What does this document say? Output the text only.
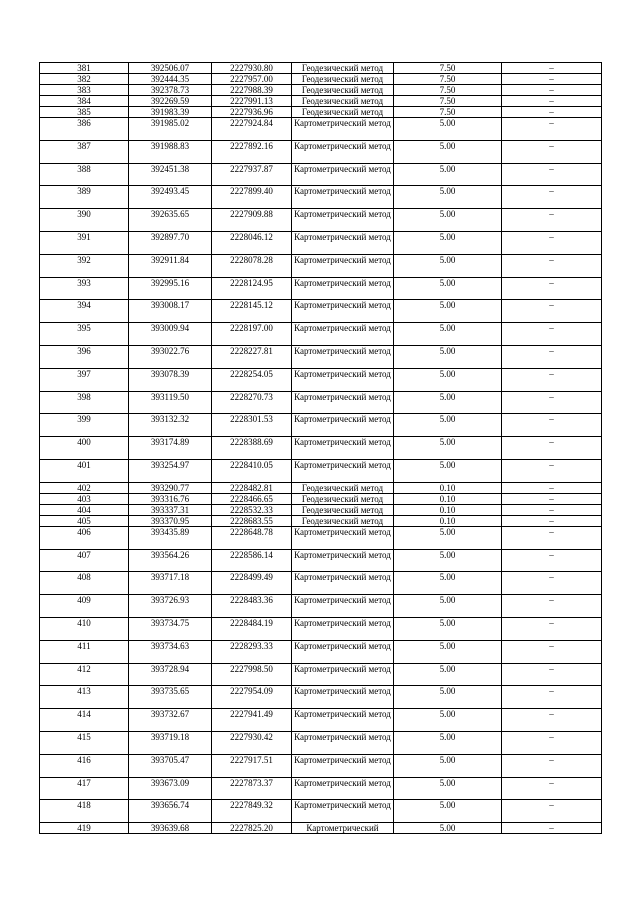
381	392506.07	2227930.80	Геодезический метод	7.50	–
382	392444.35	2227957.00	Геодезический метод	7.50	–
383	392378.73	2227988.39	Геодезический метод	7.50	–
384	392269.59	2227991.13	Геодезический метод	7.50	–
385	391983.39	2227936.96	Геодезический метод	7.50	–
386	391985.02	2227924.84	Картометрический метод	5.00	–
387	391988.83	2227892.16	Картометрический метод	5.00	–
388	392451.38	2227937.87	Картометрический метод	5.00	–
389	392493.45	2227899.40	Картометрический метод	5.00	–
390	392635.65	2227909.88	Картометрический метод	5.00	–
391	392897.70	2228046.12	Картометрический метод	5.00	–
392	392911.84	2228078.28	Картометрический метод	5.00	–
393	392995.16	2228124.95	Картометрический метод	5.00	–
394	393008.17	2228145.12	Картометрический метод	5.00	–
395	393009.94	2228197.00	Картометрический метод	5.00	–
396	393022.76	2228227.81	Картометрический метод	5.00	–
397	393078.39	2228254.05	Картометрический метод	5.00	–
398	393119.50	2228270.73	Картометрический метод	5.00	–
399	393132.32	2228301.53	Картометрический метод	5.00	–
400	393174.89	2228388.69	Картометрический метод	5.00	–
401	393254.97	2228410.05	Картометрический метод	5.00	–
402	393290.77	2228482.81	Геодезический метод	0.10	–
403	393316.76	2228466.65	Геодезический метод	0.10	–
404	393337.31	2228532.33	Геодезический метод	0.10	–
405	393370.95	2228683.55	Геодезический метод	0.10	–
406	393435.89	2228648.78	Картометрический метод	5.00	–
407	393564.26	2228586.14	Картометрический метод	5.00	–
408	393717.18	2228499.49	Картометрический метод	5.00	–
409	393726.93	2228483.36	Картометрический метод	5.00	–
410	393734.75	2228484.19	Картометрический метод	5.00	–
411	393734.63	2228293.33	Картометрический метод	5.00	–
412	393728.94	2227998.50	Картометрический метод	5.00	–
413	393735.65	2227954.09	Картометрический метод	5.00	–
414	393732.67	2227941.49	Картометрический метод	5.00	–
415	393719.18	2227930.42	Картометрический метод	5.00	–
416	393705.47	2227917.51	Картометрический метод	5.00	–
417	393673.09	2227873.37	Картометрический метод	5.00	–
418	393656.74	2227849.32	Картометрический метод	5.00	–
419	393639.68	2227825.20	Картометрический	5.00	–
